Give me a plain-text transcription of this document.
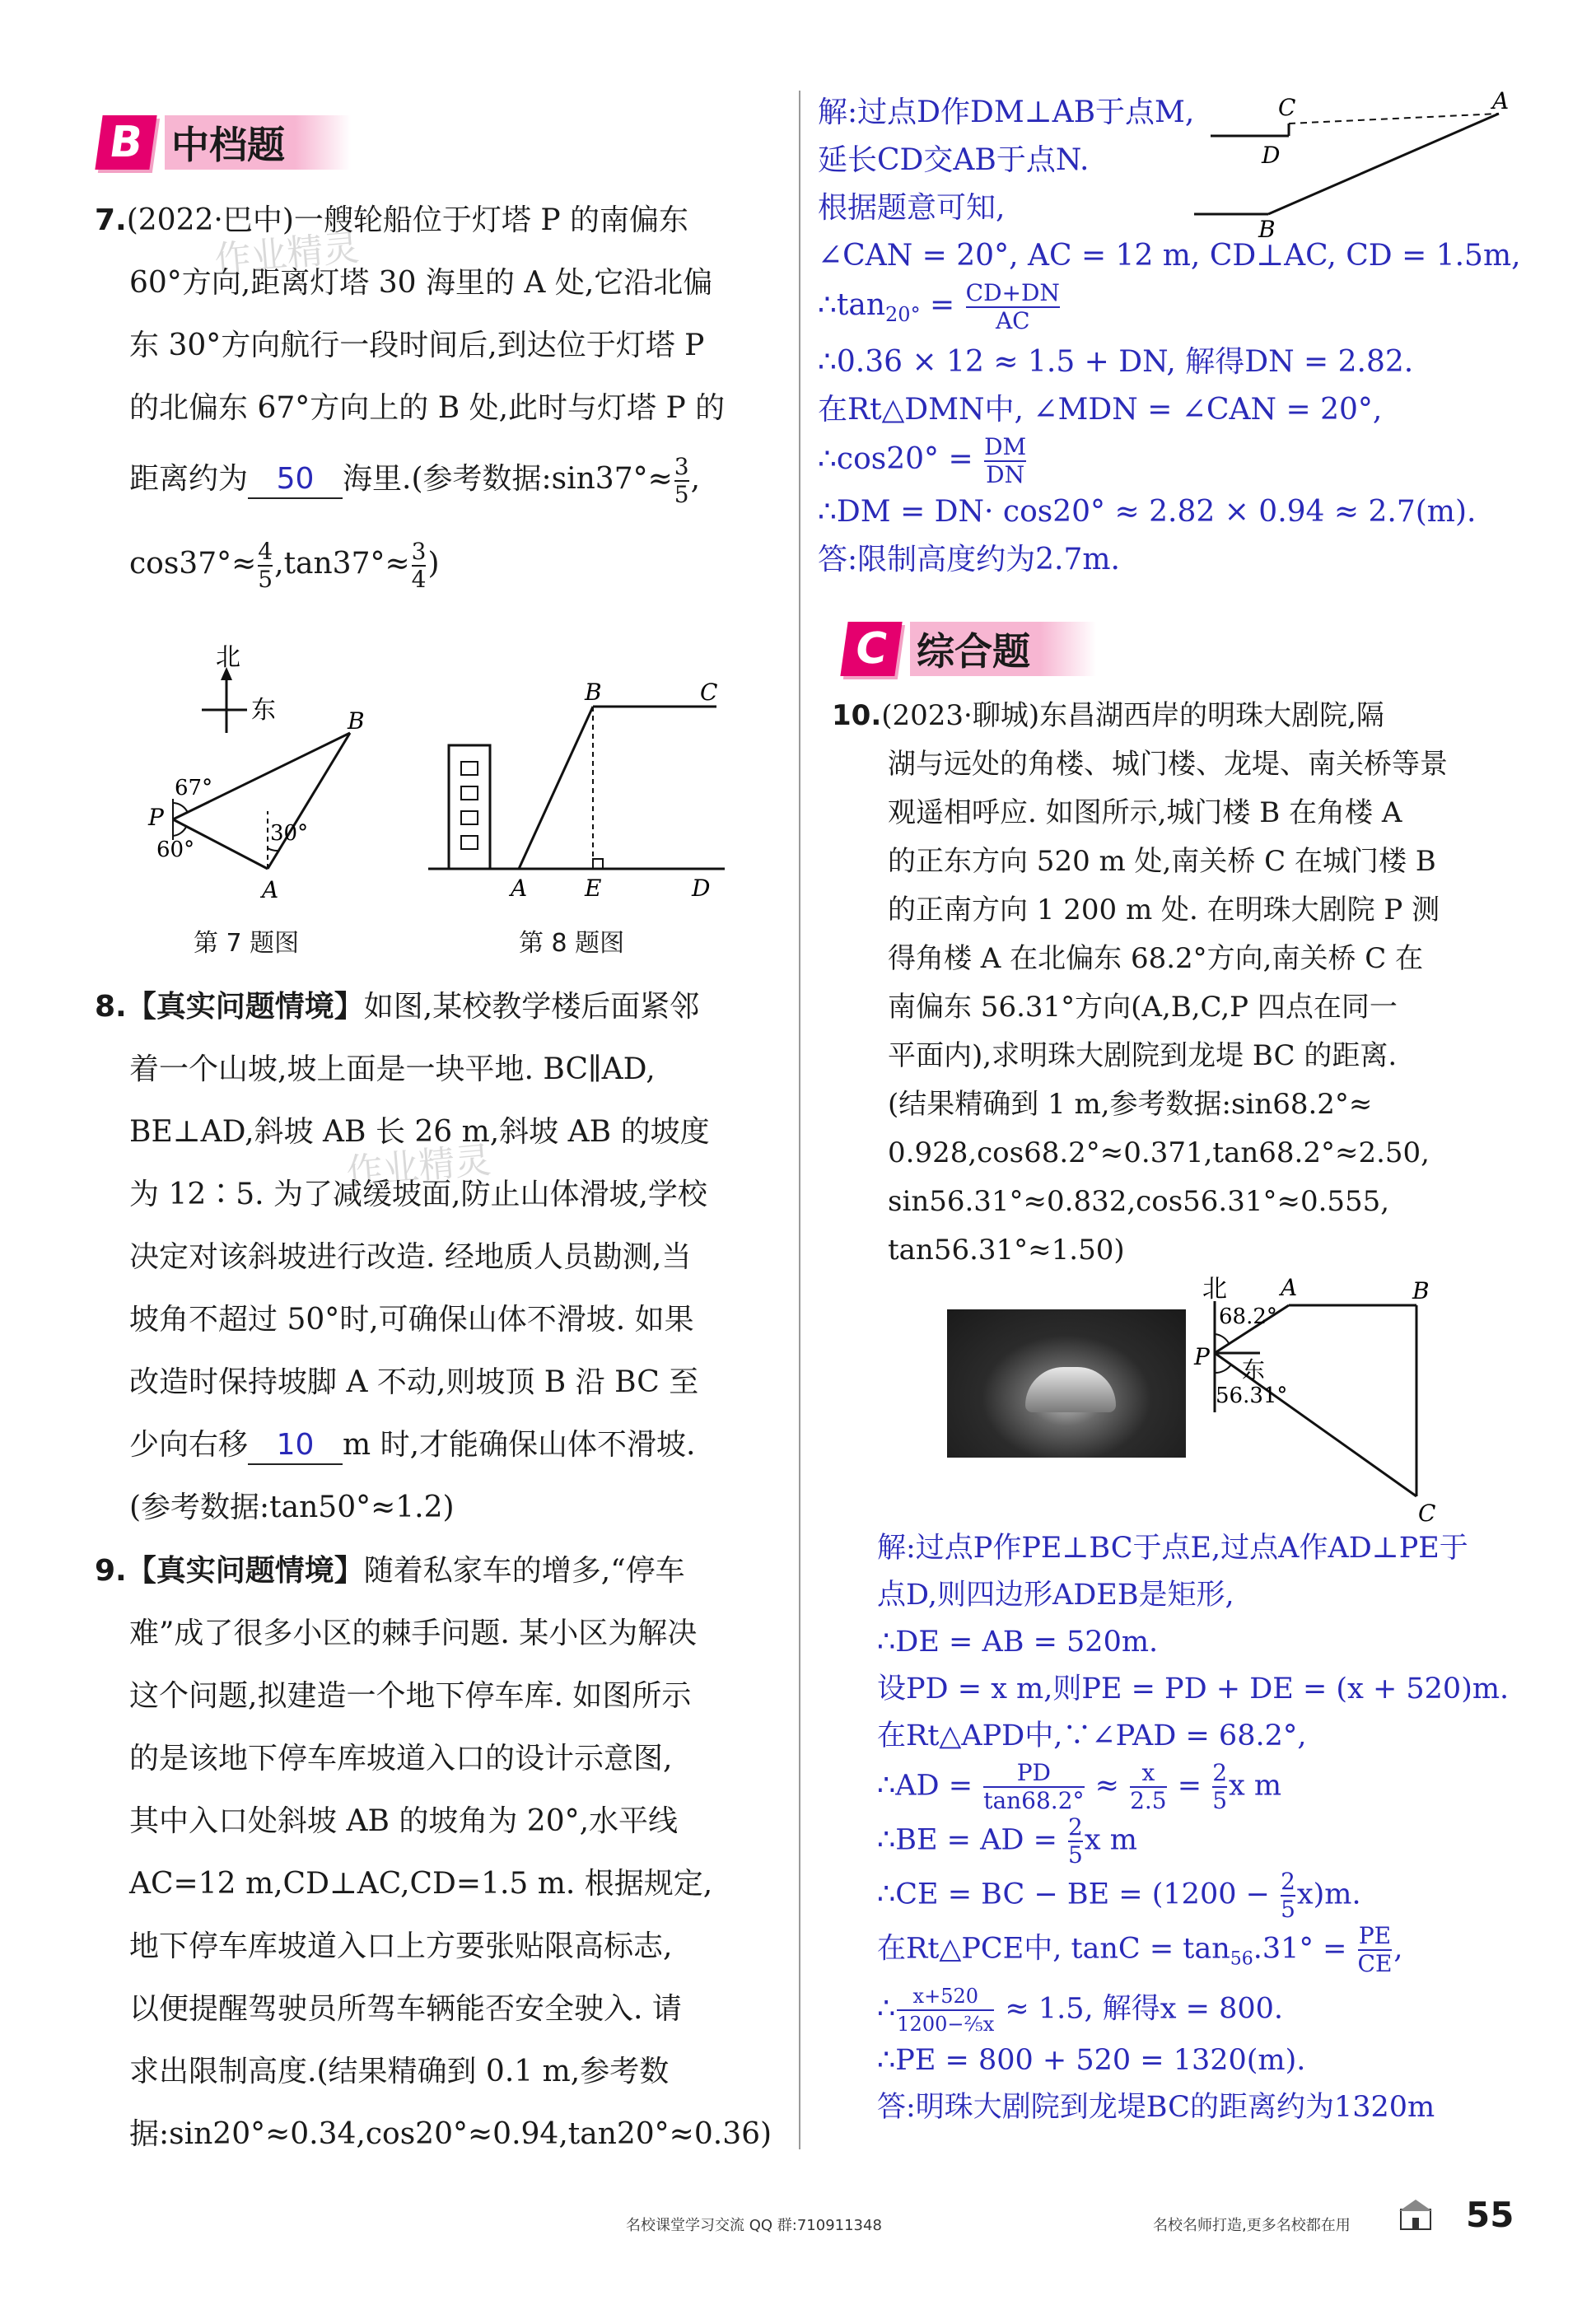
B 中档题
作业精灵
作业精灵
7.(2022·巴中)一艘轮船位于灯塔 P 的南偏东
60°方向,距离灯塔 30 海里的 A 处,它沿北偏
东 30°方向航行一段时间后,到达位于灯塔 P
的北偏东 67°方向上的 B 处,此时与灯塔 P 的
距离约为 50 海里.(参考数据:sin37°≈ $\frac{3}{5}$ ,
$\cos 37^\circ\approx \frac{4}{5} ,\tan 37^\circ\approx \frac{3}{4}$ )
北
东
P
A
B
67°
60°
30°
第 7 题图
B	C
A E	D
第 8 题图
8.【真实问题情境】如图,某校教学楼后面紧邻
着一个山坡,坡上面是一块平地. BC∥AD,
BE⊥AD,斜坡 AB 长 26 m,斜坡 AB 的坡度
为 12∶5. 为了减缓坡面,防止山体滑坡,学校
决定对该斜坡进行改造. 经地质人员勘测,当
坡角不超过 50°时,可确保山体不滑坡. 如果
改造时保持坡脚 A 不动,则坡顶 B 沿 BC 至
少向右移 10 m 时,才能确保山体不滑坡.
(参考数据:tan50°≈1.2)
9.【真实问题情境】随着私家车的增多,“停车
难”成了很多小区的棘手问题. 某小区为解决
这个问题,拟建造一个地下停车库. 如图所示
的是该地下停车库坡道入口的设计示意图,
其中入口处斜坡 AB 的坡角为 20°,水平线
AC=12 m,CD⊥AC,CD=1.5 m. 根据规定,
地下停车库坡道入口上方要张贴限高标志,
以便提醒驾驶员所驾车辆能否安全驶入. 请
求出限制高度.(结果精确到 0.1 m,参考数
据:sin20°≈0.34,cos20°≈0.94,tan20°≈0.36)
C	A
D
B
解:过点D作DM⊥AB于点M,
延长CD交AB于点N.
根据题意可知,
∠CAN = 20°, AC = 12 m, CD⊥AC, CD = 1.5m,
$\therefore\tan_{20^\circ} = \frac{CD+DN}{AC}$
∴0.36 × 12 ≈ 1.5 + DN, 解得DN = 2.82.
在Rt△DMN中, ∠MDN = ∠CAN = 20°,
∴cos20° = $\frac{DM}{DN}$
∴DM = DN· cos20° ≈ 2.82 × 0.94 ≈ 2.7(m).
答:限制高度约为2.7m.
C 综合题
10.(2023·聊城)东昌湖西岸的明珠大剧院,隔
湖与远处的角楼、城门楼、龙堤、南关桥等景
观遥相呼应. 如图所示,城门楼 B 在角楼 A
的正东方向 520 m 处,南关桥 C 在城门楼 B
的正南方向 1 200 m 处. 在明珠大剧院 P 测
得角楼 A 在北偏东 68.2°方向,南关桥 C 在
南偏东 56.31°方向(A,B,C,P 四点在同一
平面内),求明珠大剧院到龙堤 BC 的距离.
(结果精确到 1 m,参考数据:sin68.2°≈
0.928,cos68.2°≈0.371,tan68.2°≈2.50,
sin56.31°≈0.832,cos56.31°≈0.555,
tan56.31°≈1.50)
北
东
68.2°
56.31°
P
A	B
C
解:过点P作PE⊥BC于点E,过点A作AD⊥PE于
点D,则四边形ADEB是矩形,
∴DE = AB = 520m.
设PD = x m,则PE = PD + DE = (x + 520)m.
在Rt△APD中,∵∠PAD = 68.2°,
∴AD = $\frac{PD}{\tan 68.2^\circ} \approx \frac{x}{2.5} = \frac{2}{5}$ x m
∴BE = AD = $\frac{2}{5}$ x m
∴CE = BC − BE = $(1200 - \frac{2}{5} x)m$.
在Rt△PCE中, $\tan C = \tan_{56}.31^\circ = \frac{PE}{CE}$ ,
∴ $\frac{x+520}{\text{1200−⅖x}} \approx 1.5$, 解得x = 800.
∴PE = 800 + 520 = 1320(m).
答:明珠大剧院到龙堤BC的距离约为1320m
名校课堂学习交流 QQ 群:710911348	名校名师打造,更多名校都在用	55
